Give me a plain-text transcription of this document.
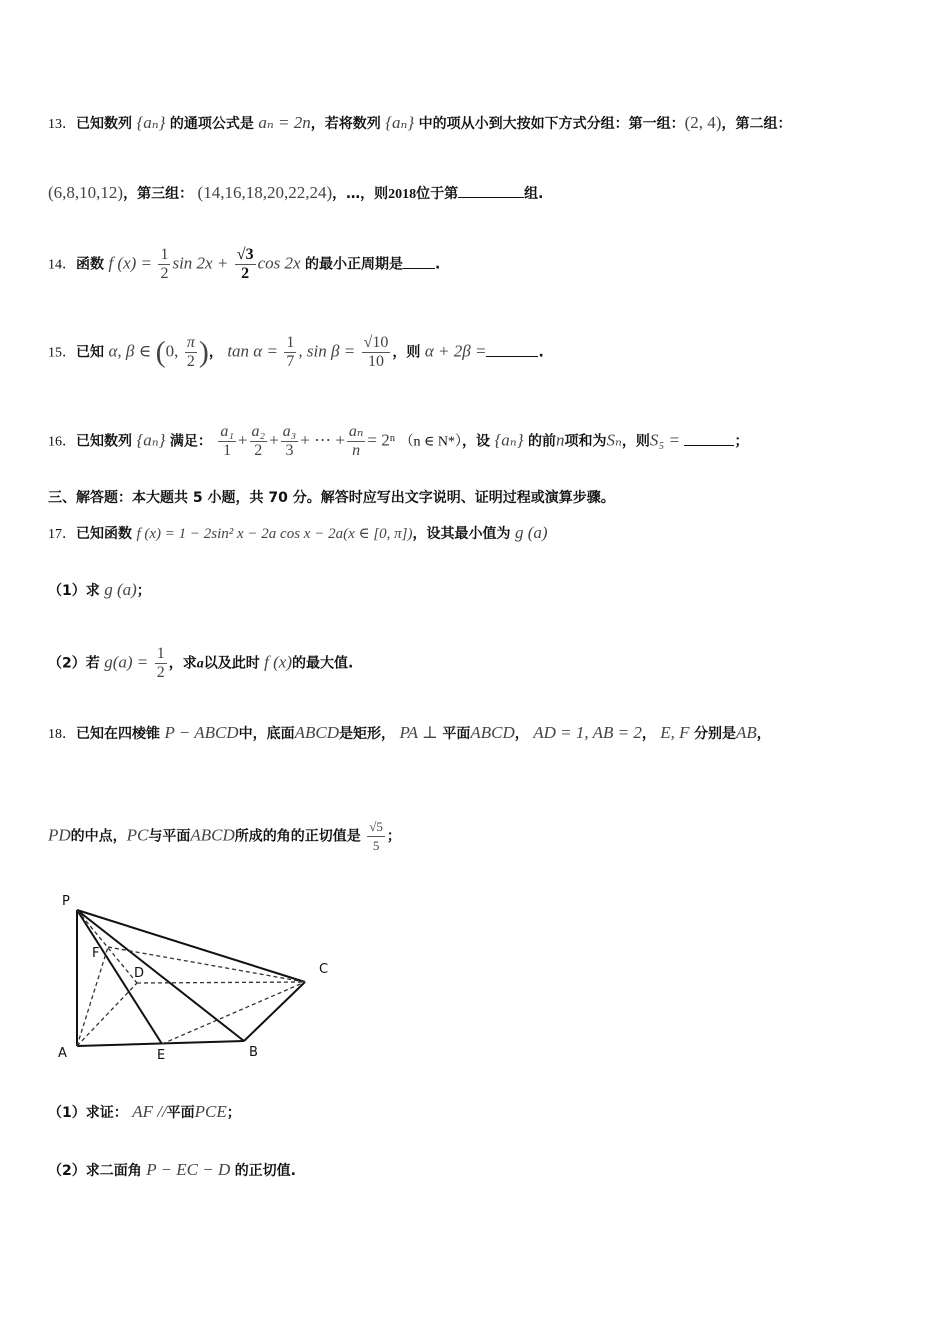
13．已知数列 {aₙ} 的通项公式是 aₙ = 2n，若将数列 {aₙ} 中的项从小到大按如下方式分组：第一组：(2, 4)，第二组：
(6,8,10,12)，第三组： (14,16,18,20,22,24)，…，则2018位于第	组.
14．函数 f $(x) = \frac{1}{2}$ $\sin 2x + \frac{√3}{2}$ cos 2x 的最小正周期是 .
15．已知 α, β ∈ (0, $\frac{\pi}{2}$ )， $\tan \alpha = \frac{1}{7}$ , $\sin \beta = \frac{√10}{10}$ ，则 α + 2β =	.
16．已知数列 {aₙ} 满足： $\frac{\text{a₁}}{1} + \frac{\text{a₂}}{2} + \frac{\text{a₃}}{3}$ + ⋯ + $\frac{\text{aₙ}}{n} = 2^n$ （n ∈ N*），设 {aₙ} 的前n项和为Sₙ，则S₅ =	；
三、解答题：本大题共 5 小题，共 70 分。解答时应写出文字说明、证明过程或演算步骤。
17．已知函数 f (x) = 1 − 2sin² x − 2a cos x − 2a(x ∈ [0, π])，设其最小值为 g (a)
（1）求 g (a)；
（2）若 $g(a) = \frac{1}{2}$ ，求a以及此时 f (x)的最大值.
18．已知在四棱锥 P − ABCD中，底面ABCD是矩形， PA ⊥ 平面ABCD， AD = 1, AB = 2， E, F 分别是AB，
PD的中点，PC与平面ABCD所成的角的正切值是 $\frac{√5}{5}$ ；
P
F
D	C
A	E	B
（1）求证： AF //平面PCE；
（2）求二面角 P − EC − D 的正切值.
